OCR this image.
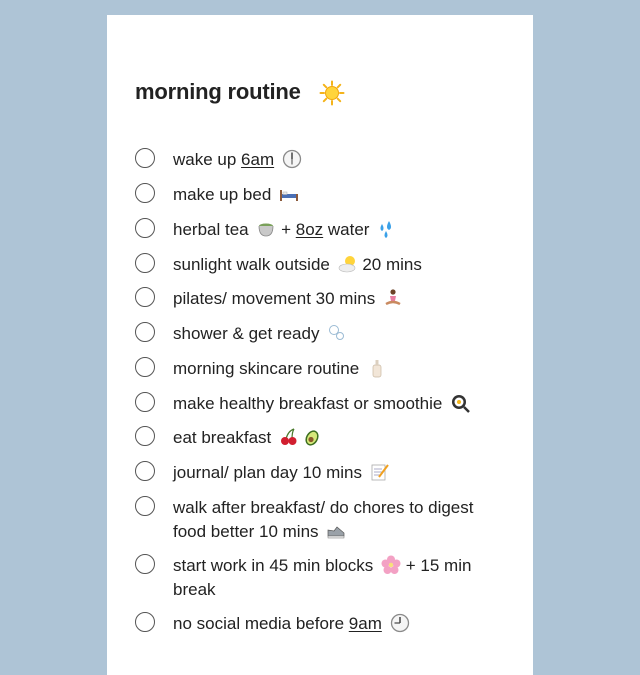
morning routine
wake up 6am
make up bed
herbal tea + 8oz water
sunlight walk outside 20 mins
pilates/ movement 30 mins
shower & get ready
morning skincare routine
make healthy breakfast or smoothie
eat breakfast
journal/ plan day 10 mins
walk after breakfast/ do chores to digest food better 10 mins
start work in 45 min blocks + 15 min break
no social media before 9am
